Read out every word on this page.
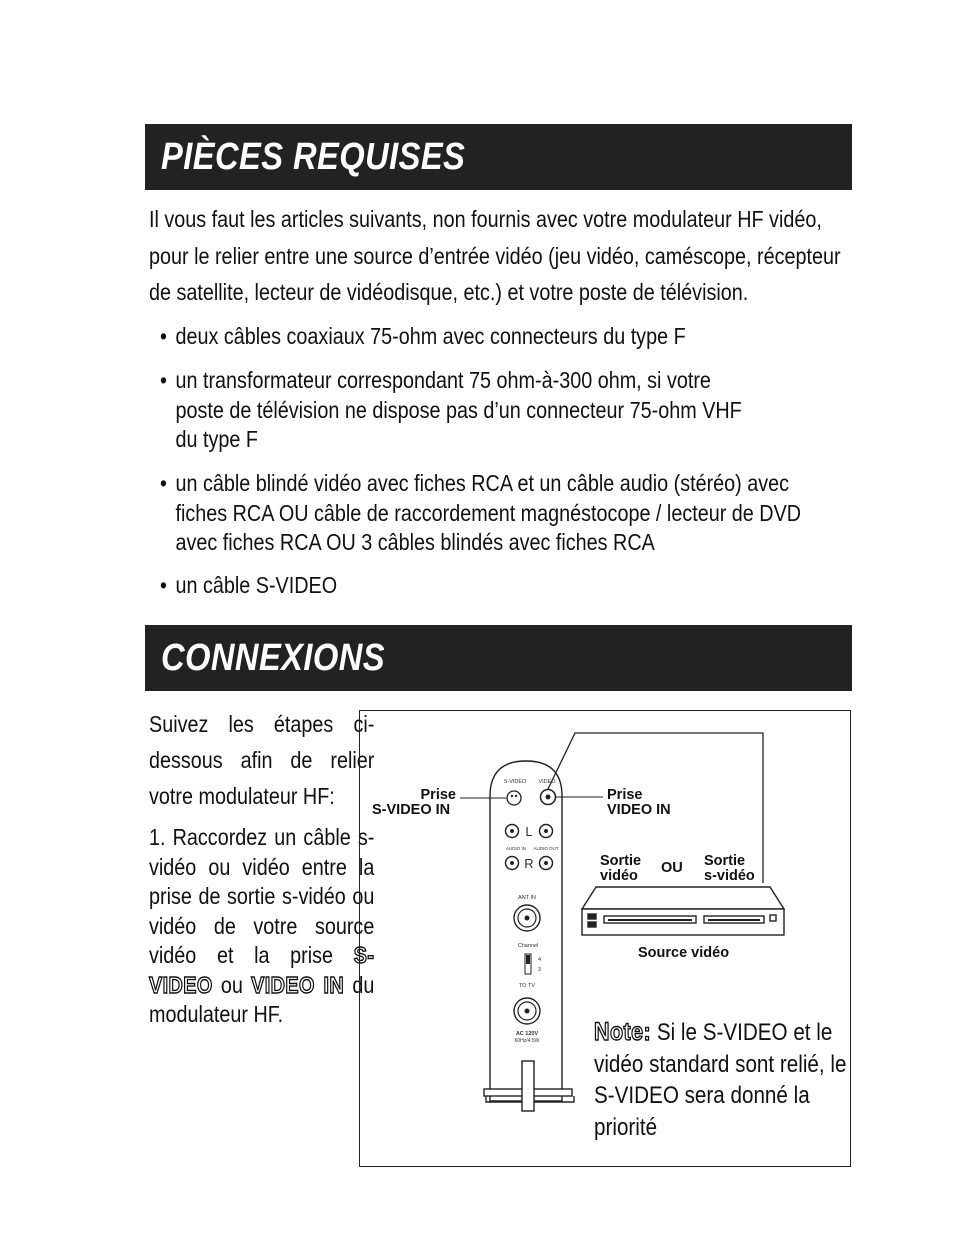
PIÈCES REQUISES
Il vous faut les articles suivants, non fournis avec votre modulateur HF vidéo,
pour le relier entre une source d’entrée vidéo (jeu vidéo, caméscope, récepteur
de satellite, lecteur de vidéodisque, etc.) et votre poste de télévision.
• deux câbles coaxiaux 75-ohm avec connecteurs du type F
• un transformateur correspondant 75 ohm-à-300 ohm, si votre
poste de télévision ne dispose pas d’un connecteur 75-ohm VHF
du type F
• un câble blindé vidéo avec fiches RCA et un câble audio (stéréo) avec
fiches RCA OU câble de raccordement magnéstocope / lecteur de DVD
avec fiches RCA OU 3 câbles blindés avec fiches RCA
• un câble S-VIDEO
CONNEXIONS
Suivez les étapes ci-dessous afin de relier votre modulateur HF:
1. Raccordez un câble s-vidéo ou vidéo entre la prise de sortie s-vidéo ou vidéo de votre source vidéo et la prise S-VIDEO ou VIDEO IN du modulateur HF.
S-VIDEO VIDEO
L
R
AUDIO IN AUDIO OUT
ANT IN
Channel
4
3
TO TV
AC 120V
60Hz/4.5W
Prise
S-VIDEO IN
Prise
VIDEO IN
Sortie
vidéo OU Sortie
s-vidéo
Source vidéo
Note: Si le S-VIDEO et le vidéo standard sont relié, le S-VIDEO sera donné la priorité
